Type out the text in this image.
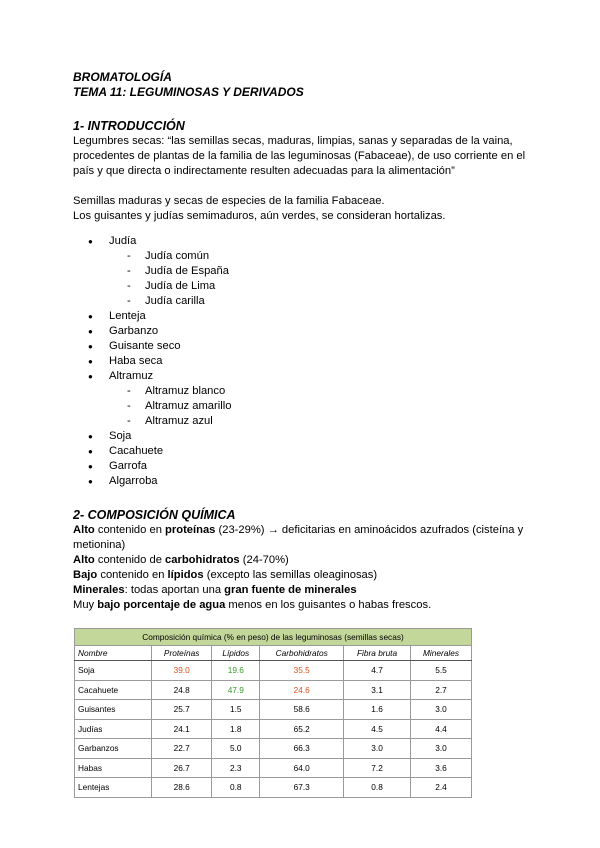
BROMATOLOGÍA
TEMA 11: LEGUMINOSAS Y DERIVADOS
1- INTRODUCCIÓN

Legumbres secas: “las semillas secas, maduras, limpias, sanas y separadas de la vaina,

procedentes de plantas de la familia de las leguminosas (Fabaceae), de uso corriente en el

país y que directa o indirectamente resulten adecuadas para la alimentación”

Semillas maduras y secas de especies de la familia Fabaceae.

Los guisantes y judías semimaduros, aún verdes, se consideran hortalizas.

● Judía
- Judía común
- Judía de España
- Judía de Lima
- Judía carilla
● Lenteja
● Garbanzo
● Guisante seco
● Haba seca
● Altramuz
- Altramuz blanco
- Altramuz amarillo
- Altramuz azul
● Soja
● Cacahuete
● Garrofa
● Algarroba
2- COMPOSICIÓN QUÍMICA

Alto contenido en proteínas (23-29%) → deficitarias en aminoácidos azufrados (cisteína y

metionina)

Alto contenido de carbohidratos (24-70%)

Bajo contenido en lípidos (excepto las semillas oleaginosas)

Minerales: todas aportan una gran fuente de minerales

Muy bajo porcentaje de agua menos en los guisantes o habas frescos.

Composición química (% en peso) de las leguminosas (semillas secas)					
Nombre	Proteínas	Lípidos	Carbohidratos	Fibra bruta	Minerales
Soja	39.0	19.6	35.5	4.7	5.5
Cacahuete	24.8	47.9	24.6	3.1	2.7
Guisantes	25.7	1.5	58.6	1.6	3.0
Judías	24.1	1.8	65.2	4.5	4.4
Garbanzos	22.7	5.0	66.3	3.0	3.0
Habas	26.7	2.3	64.0	7.2	3.6
Lentejas	28.6	0.8	67.3	0.8	2.4
